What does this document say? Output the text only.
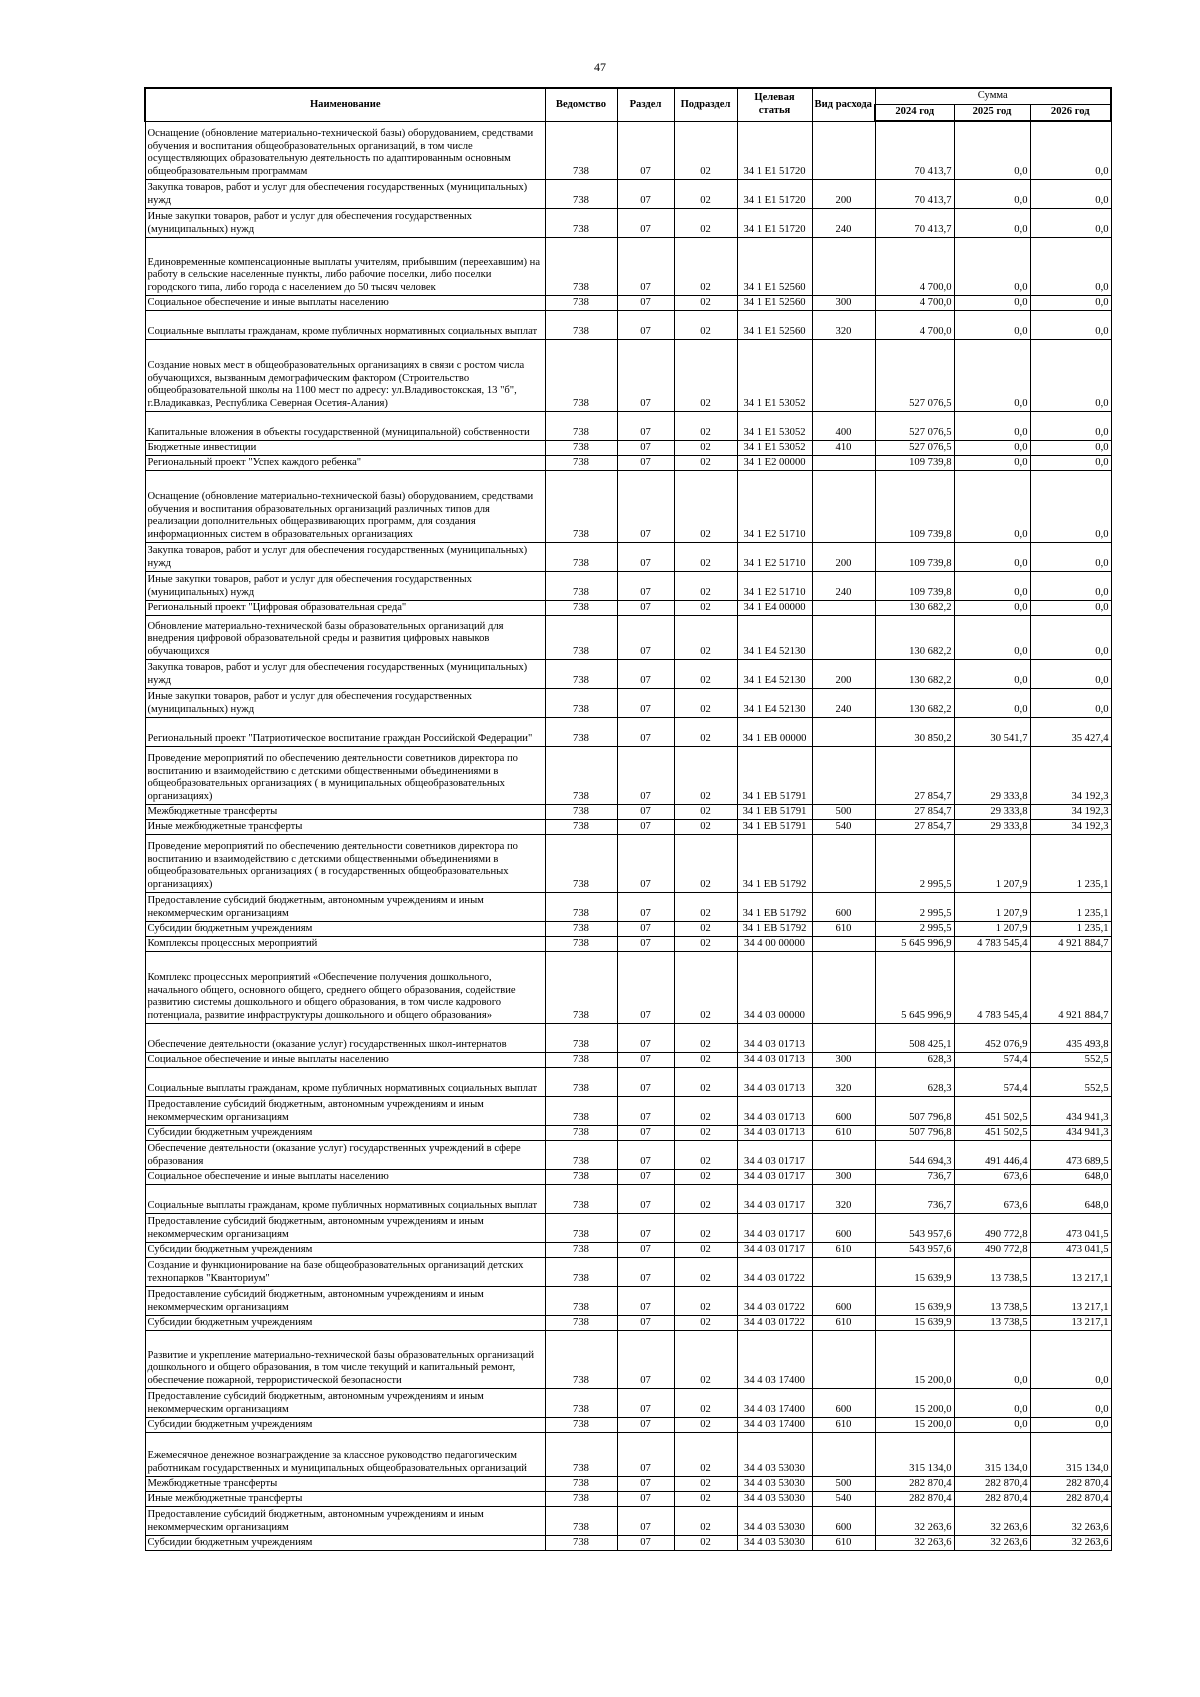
47
Наименование	Ведомство	Раздел	Подраздел	Целевая статья	Вид расхода	Сумма		
						2024 год	2025 год	2026 год
Оснащение (обновление материально-технической базы) оборудованием, средствами обучения и воспитания общеобразовательных организаций, в том числе осуществляющих образовательную деятельность по адаптированным основным общеобразовательным программам	738	07	02	34 1 E1 51720		70 413,7	0,0	0,0
Закупка товаров, работ и услуг для обеспечения государственных (муниципальных) нужд	738	07	02	34 1 E1 51720	200	70 413,7	0,0	0,0
Иные закупки товаров, работ и услуг для обеспечения государственных (муниципальных) нужд	738	07	02	34 1 E1 51720	240	70 413,7	0,0	0,0
Единовременные компенсационные выплаты учителям, прибывшим (переехавшим) на работу в сельские населенные пункты, либо рабочие поселки, либо поселки городского типа, либо города с населением до 50 тысяч человек	738	07	02	34 1 E1 52560		4 700,0	0,0	0,0
Социальное обеспечение и иные выплаты населению	738	07	02	34 1 E1 52560	300	4 700,0	0,0	0,0
Социальные выплаты гражданам, кроме публичных нормативных социальных выплат	738	07	02	34 1 E1 52560	320	4 700,0	0,0	0,0
Создание новых мест в общеобразовательных организациях в связи с ростом числа обучающихся, вызванным демографическим фактором (Строительство общеобразовательной школы на 1100 мест по адресу: ул.Владивостокская, 13 "б", г.Владикавказ, Республика Северная Осетия-Алания)	738	07	02	34 1 E1 53052		527 076,5	0,0	0,0
Капитальные вложения в объекты государственной (муниципальной) собственности	738	07	02	34 1 E1 53052	400	527 076,5	0,0	0,0
Бюджетные инвестиции	738	07	02	34 1 E1 53052	410	527 076,5	0,0	0,0
Региональный проект "Успех каждого ребенка"	738	07	02	34 1 E2 00000		109 739,8	0,0	0,0
Оснащение (обновление материально-технической базы) оборудованием, средствами обучения и воспитания образовательных организаций различных типов для реализации дополнительных общеразвивающих программ, для создания информационных систем в образовательных организациях	738	07	02	34 1 E2 51710		109 739,8	0,0	0,0
Закупка товаров, работ и услуг для обеспечения государственных (муниципальных) нужд	738	07	02	34 1 E2 51710	200	109 739,8	0,0	0,0
Иные закупки товаров, работ и услуг для обеспечения государственных (муниципальных) нужд	738	07	02	34 1 E2 51710	240	109 739,8	0,0	0,0
Региональный проект "Цифровая образовательная среда"	738	07	02	34 1 E4 00000		130 682,2	0,0	0,0
Обновление материально-технической базы образовательных организаций для внедрения цифровой образовательной среды и развития цифровых навыков обучающихся	738	07	02	34 1 E4 52130		130 682,2	0,0	0,0
Закупка товаров, работ и услуг для обеспечения государственных (муниципальных) нужд	738	07	02	34 1 E4 52130	200	130 682,2	0,0	0,0
Иные закупки товаров, работ и услуг для обеспечения государственных (муниципальных) нужд	738	07	02	34 1 E4 52130	240	130 682,2	0,0	0,0
Региональный проект "Патриотическое воспитание граждан Российской Федерации"	738	07	02	34 1 EB 00000		30 850,2	30 541,7	35 427,4
Проведение мероприятий по обеспечению деятельности советников директора по воспитанию и взаимодействию с детскими общественными объединениями в общеобразовательных организациях ( в муниципальных общеобразовательных организациях)	738	07	02	34 1 EB 51791		27 854,7	29 333,8	34 192,3
Межбюджетные трансферты	738	07	02	34 1 EB 51791	500	27 854,7	29 333,8	34 192,3
Иные межбюджетные трансферты	738	07	02	34 1 EB 51791	540	27 854,7	29 333,8	34 192,3
Проведение мероприятий по обеспечению деятельности советников директора по воспитанию и взаимодействию с детскими общественными объединениями в общеобразовательных организациях ( в государственных общеобразовательных организациях)	738	07	02	34 1 EB 51792		2 995,5	1 207,9	1 235,1
Предоставление субсидий бюджетным, автономным учреждениям и иным некоммерческим организациям	738	07	02	34 1 EB 51792	600	2 995,5	1 207,9	1 235,1
Субсидии бюджетным учреждениям	738	07	02	34 1 EB 51792	610	2 995,5	1 207,9	1 235,1
Комплексы процессных мероприятий	738	07	02	34 4 00 00000		5 645 996,9	4 783 545,4	4 921 884,7
Комплекс процессных мероприятий «Обеспечение получения дошкольного, начального общего, основного общего, среднего общего образования, содействие развитию системы дошкольного и общего образования, в том числе кадрового потенциала, развитие инфраструктуры дошкольного и общего образования»	738	07	02	34 4 03 00000		5 645 996,9	4 783 545,4	4 921 884,7
Обеспечение деятельности (оказание услуг) государственных школ-интернатов	738	07	02	34 4 03 01713		508 425,1	452 076,9	435 493,8
Социальное обеспечение и иные выплаты населению	738	07	02	34 4 03 01713	300	628,3	574,4	552,5
Социальные выплаты гражданам, кроме публичных нормативных социальных выплат	738	07	02	34 4 03 01713	320	628,3	574,4	552,5
Предоставление субсидий бюджетным, автономным учреждениям и иным некоммерческим организациям	738	07	02	34 4 03 01713	600	507 796,8	451 502,5	434 941,3
Субсидии бюджетным учреждениям	738	07	02	34 4 03 01713	610	507 796,8	451 502,5	434 941,3
Обеспечение деятельности (оказание услуг) государственных учреждений в сфере образования	738	07	02	34 4 03 01717		544 694,3	491 446,4	473 689,5
Социальное обеспечение и иные выплаты населению	738	07	02	34 4 03 01717	300	736,7	673,6	648,0
Социальные выплаты гражданам, кроме публичных нормативных социальных выплат	738	07	02	34 4 03 01717	320	736,7	673,6	648,0
Предоставление субсидий бюджетным, автономным учреждениям и иным некоммерческим организациям	738	07	02	34 4 03 01717	600	543 957,6	490 772,8	473 041,5
Субсидии бюджетным учреждениям	738	07	02	34 4 03 01717	610	543 957,6	490 772,8	473 041,5
Создание и функционирование на базе общеобразовательных организаций детских технопарков "Кванториум"	738	07	02	34 4 03 01722		15 639,9	13 738,5	13 217,1
Предоставление субсидий бюджетным, автономным учреждениям и иным некоммерческим организациям	738	07	02	34 4 03 01722	600	15 639,9	13 738,5	13 217,1
Субсидии бюджетным учреждениям	738	07	02	34 4 03 01722	610	15 639,9	13 738,5	13 217,1
Развитие и укрепление материально-технической базы образовательных организаций дошкольного и общего образования, в том числе текущий и капитальный ремонт, обеспечение пожарной, террористической безопасности	738	07	02	34 4 03 17400		15 200,0	0,0	0,0
Предоставление субсидий бюджетным, автономным учреждениям и иным некоммерческим организациям	738	07	02	34 4 03 17400	600	15 200,0	0,0	0,0
Субсидии бюджетным учреждениям	738	07	02	34 4 03 17400	610	15 200,0	0,0	0,0
Ежемесячное денежное вознаграждение за классное руководство педагогическим работникам государственных и муниципальных общеобразовательных организаций	738	07	02	34 4 03 53030		315 134,0	315 134,0	315 134,0
Межбюджетные трансферты	738	07	02	34 4 03 53030	500	282 870,4	282 870,4	282 870,4
Иные межбюджетные трансферты	738	07	02	34 4 03 53030	540	282 870,4	282 870,4	282 870,4
Предоставление субсидий бюджетным, автономным учреждениям и иным некоммерческим организациям	738	07	02	34 4 03 53030	600	32 263,6	32 263,6	32 263,6
Субсидии бюджетным учреждениям	738	07	02	34 4 03 53030	610	32 263,6	32 263,6	32 263,6
